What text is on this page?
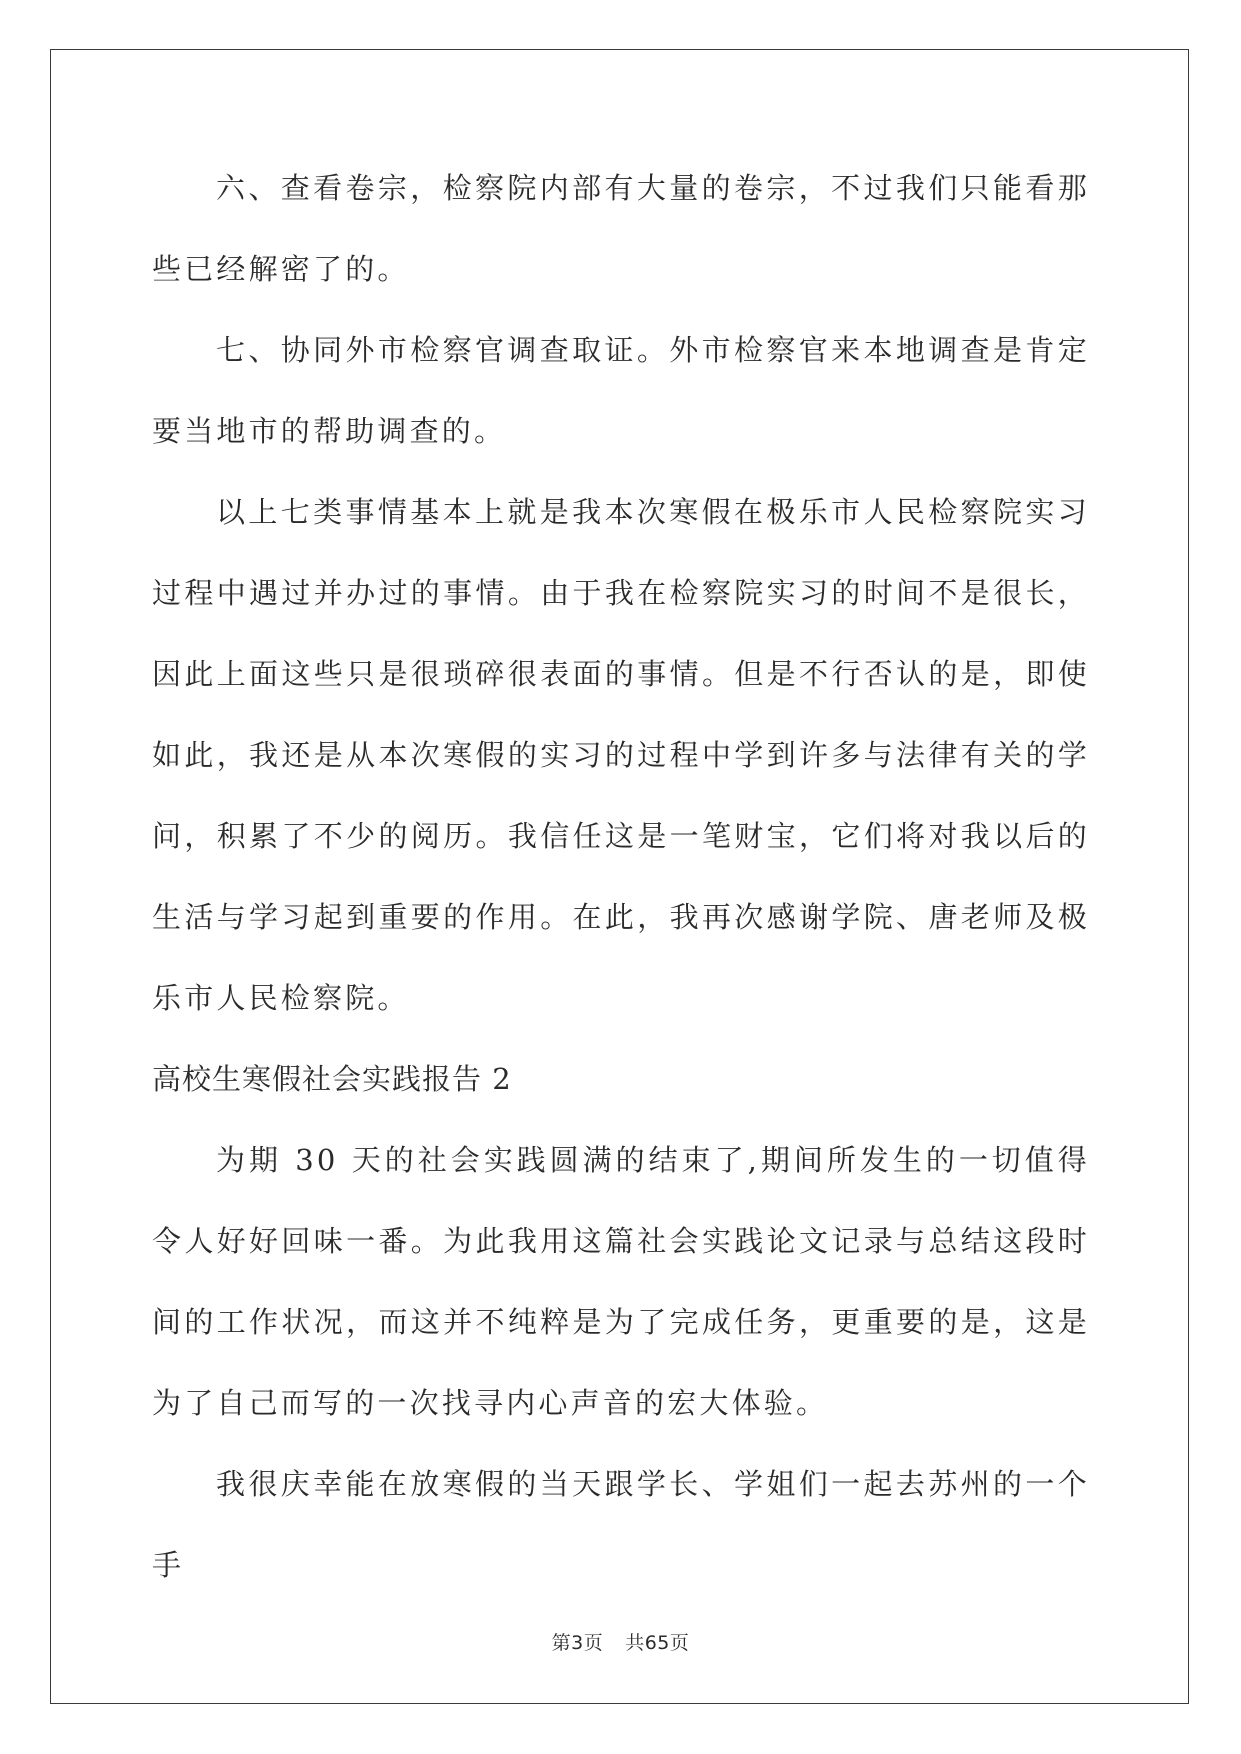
六、查看卷宗，检察院内部有大量的卷宗，不过我们只能看那些已经解密了的。

七、协同外市检察官调查取证。外市检察官来本地调查是肯定要当地市的帮助调查的。

以上七类事情基本上就是我本次寒假在极乐市人民检察院实习过程中遇过并办过的事情。由于我在检察院实习的时间不是很长，因此上面这些只是很琐碎很表面的事情。但是不行否认的是，即使如此，我还是从本次寒假的实习的过程中学到许多与法律有关的学问，积累了不少的阅历。我信任这是一笔财宝，它们将对我以后的生活与学习起到重要的作用。在此，我再次感谢学院、唐老师及极乐市人民检察院。

高校生寒假社会实践报告 2

为期 30 天的社会实践圆满的结束了,期间所发生的一切值得令人好好回味一番。为此我用这篇社会实践论文记录与总结这段时间的工作状况，而这并不纯粹是为了完成任务，更重要的是，这是为了自己而写的一次找寻内心声音的宏大体验。

我很庆幸能在放寒假的当天跟学长、学姐们一起去苏州的一个手

第3页 共65页
